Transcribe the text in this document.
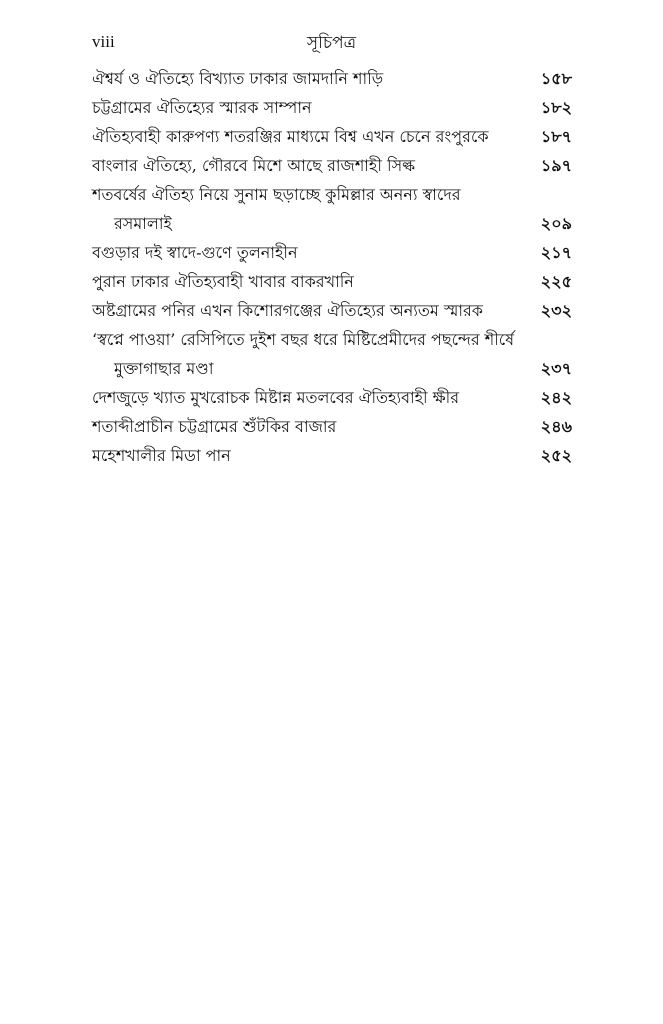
viii	সূচিপত্র
ঐশ্বর্য ও ঐতিহ্যে বিখ্যাত ঢাকার জামদানি শাড়ি	১৫৮
চট্টগ্রামের ঐতিহ্যের স্মারক সাম্পান	১৮২
ঐতিহ্যবাহী কারুপণ্য শতরঞ্জির মাধ্যমে বিশ্ব এখন চেনে রংপুরকে	১৮৭
বাংলার ঐতিহ্যে, গৌরবে মিশে আছে রাজশাহী সিল্ক	১৯৭
শতবর্ষের ঐতিহ্য নিয়ে সুনাম ছড়াচ্ছে কুমিল্লার অনন্য স্বাদের রসমালাই	২০৯
বগুড়ার দই স্বাদে-গুণে তুলনাহীন	২১৭
পুরান ঢাকার ঐতিহ্যবাহী খাবার বাকরখানি	২২৫
অষ্টগ্রামের পনির এখন কিশোরগঞ্জের ঐতিহ্যের অন্যতম স্মারক	২৩২
‘স্বপ্নে পাওয়া’ রেসিপিতে দুইশ বছর ধরে মিষ্টিপ্রেমীদের পছন্দের শীর্ষে মুক্তাগাছার মণ্ডা	২৩৭
দেশজুড়ে খ্যাত মুখরোচক মিষ্টান্ন মতলবের ঐতিহ্যবাহী ক্ষীর	২৪২
শতাব্দীপ্রাচীন চট্টগ্রামের শুঁটকির বাজার	২৪৬
মহেশখালীর মিডা পান	২৫২
